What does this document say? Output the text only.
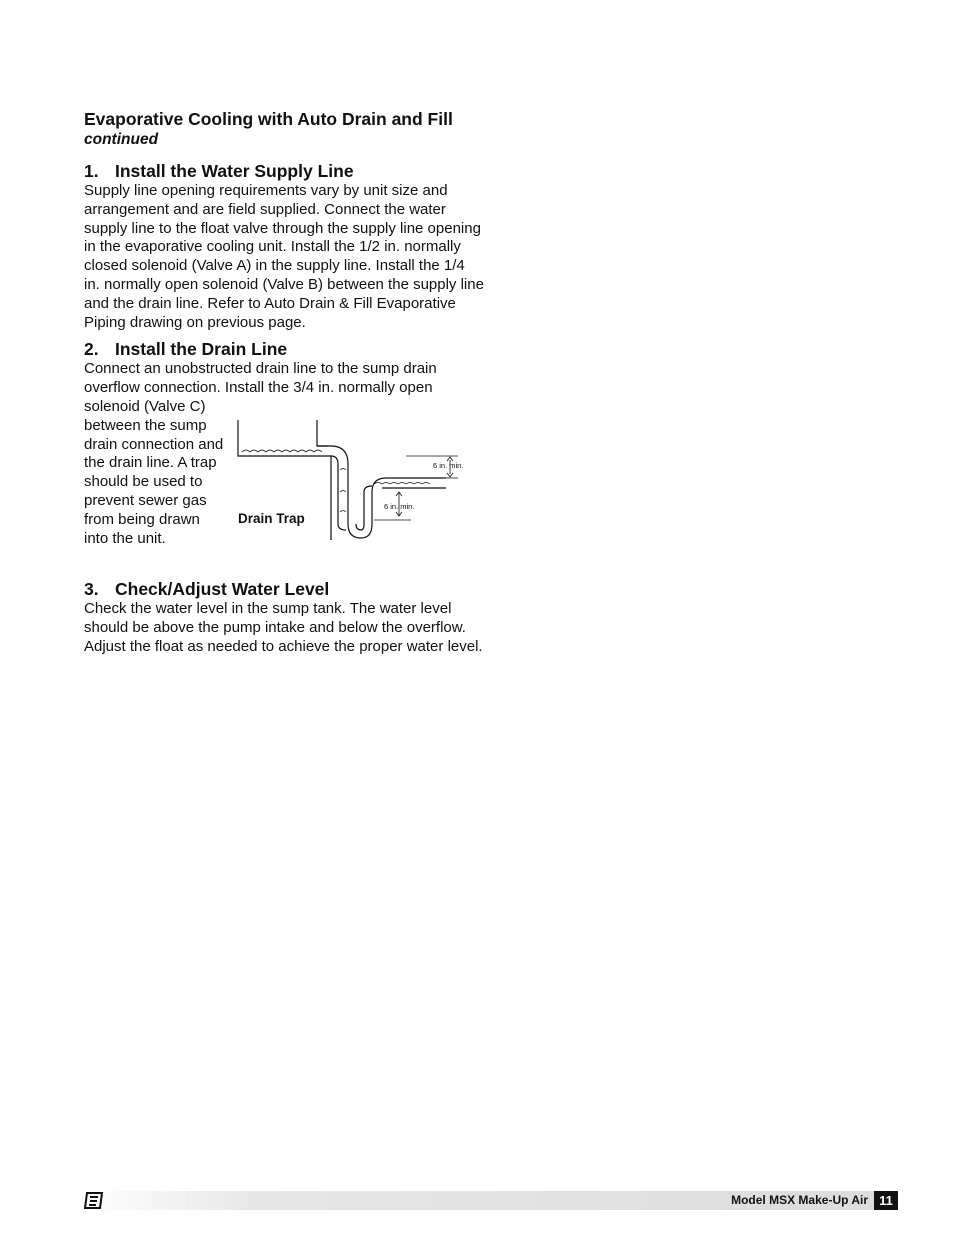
Evaporative Cooling with Auto Drain and Fill

continued

1. Install the Water Supply Line

Supply line opening requirements vary by unit size and arrangement and are field supplied. Connect the water supply line to the float valve through the supply line opening in the evaporative cooling unit. Install the 1/2 in. normally closed solenoid (Valve A) in the supply line. Install the 1/4 in. normally open solenoid (Valve B) between the supply line and the drain line. Refer to Auto Drain & Fill Evaporative Piping drawing on previous page.

2. Install the Drain Line

Connect an unobstructed drain line to the sump drain overflow connection. Install the 3/4 in. normally open

solenoid (Valve C) between the sump drain connection and the drain line. A trap should be used to prevent sewer gas from being drawn into the unit.

6 in. min.
6 in. min.
Drain Trap

3. Check/Adjust Water Level

Check the water level in the sump tank. The water level should be above the pump intake and below the overflow. Adjust the float as needed to achieve the proper water level.

Model MSX Make-Up Air 11
